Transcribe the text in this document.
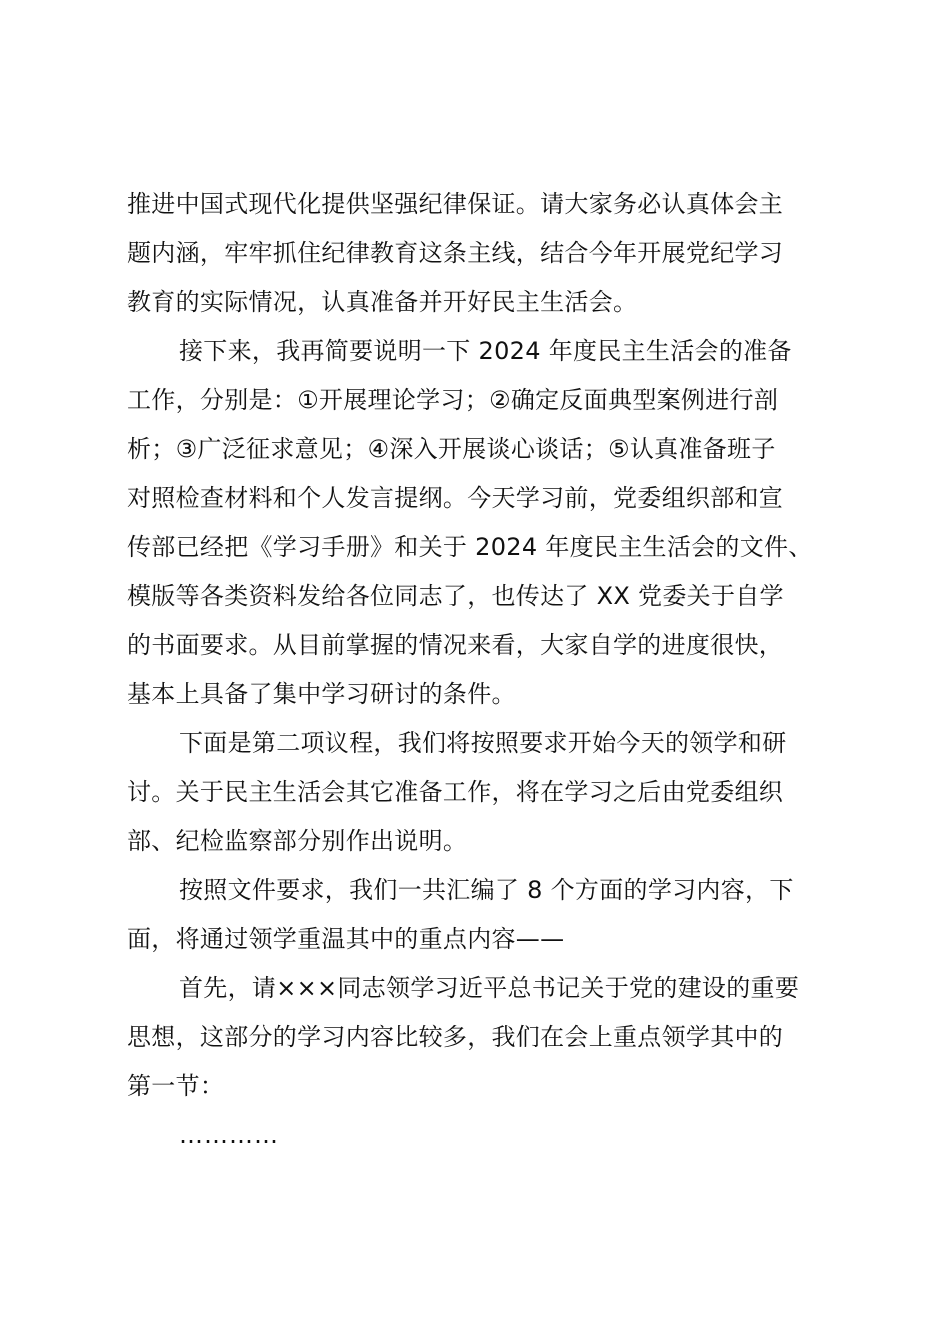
推进中国式现代化提供坚强纪律保证。请大家务必认真体会主
题内涵，牢牢抓住纪律教育这条主线，结合今年开展党纪学习
教育的实际情况，认真准备并开好民主生活会。
接下来，我再简要说明一下 2024 年度民主生活会的准备
工作，分别是：①开展理论学习；②确定反面典型案例进行剖
析；③广泛征求意见；④深入开展谈心谈话；⑤认真准备班子
对照检查材料和个人发言提纲。今天学习前，党委组织部和宣
传部已经把《学习手册》和关于 2024 年度民主生活会的文件、
模版等各类资料发给各位同志了，也传达了 XX 党委关于自学
的书面要求。从目前掌握的情况来看，大家自学的进度很快，
基本上具备了集中学习研讨的条件。
下面是第二项议程，我们将按照要求开始今天的领学和研
讨。关于民主生活会其它准备工作，将在学习之后由党委组织
部、纪检监察部分别作出说明。
按照文件要求，我们一共汇编了 8 个方面的学习内容，下
面，将通过领学重温其中的重点内容——
首先，请×××同志领学习近平总书记关于党的建设的重要
思想，这部分的学习内容比较多，我们在会上重点领学其中的
第一节：
…………
